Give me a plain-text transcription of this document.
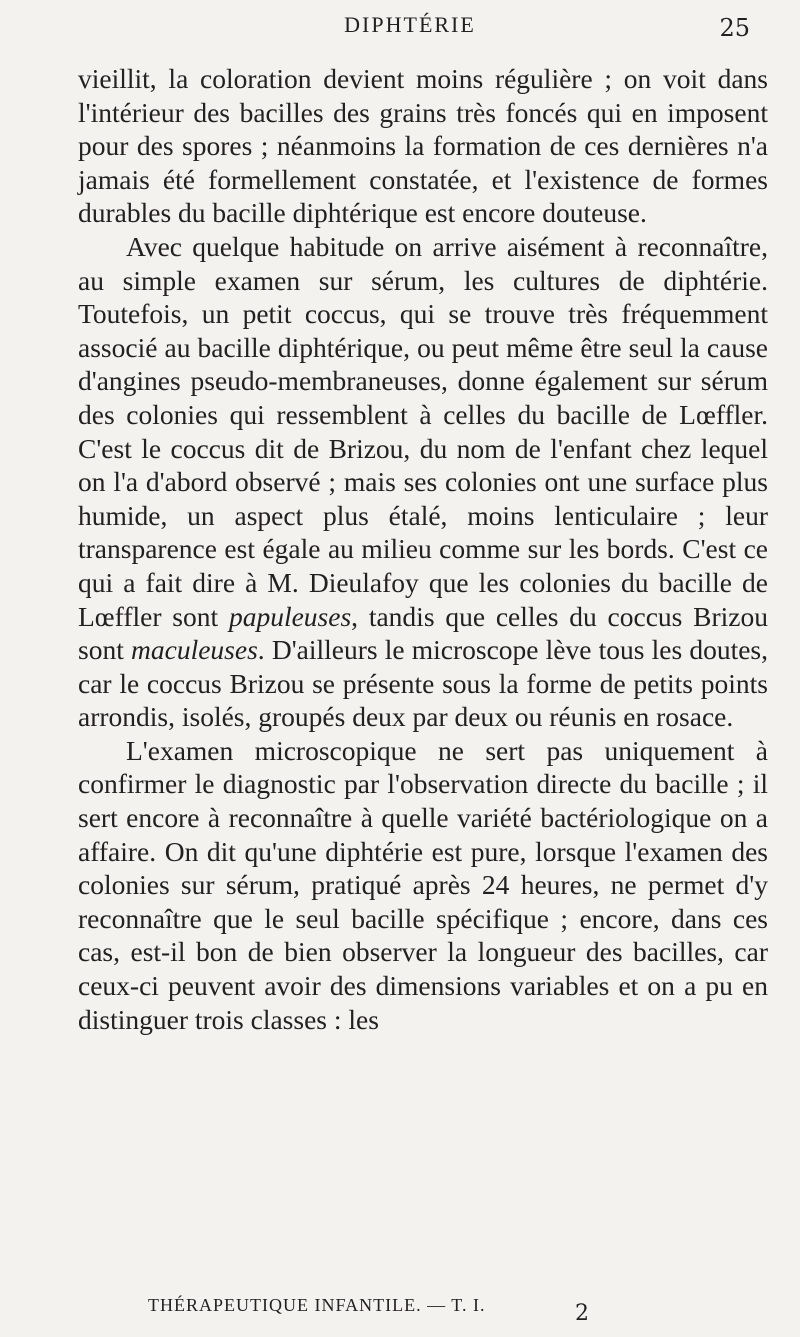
DIPHTÉRIE	25

vieillit, la coloration devient moins régulière ; on voit dans l'intérieur des bacilles des grains très foncés qui en imposent pour des spores ; néanmoins la formation de ces dernières n'a jamais été formellement constatée, et l'existence de formes durables du bacille diphtérique est encore douteuse.

Avec quelque habitude on arrive aisément à reconnaître, au simple examen sur sérum, les cultures de diphtérie. Toutefois, un petit coccus, qui se trouve très fréquemment associé au bacille diphtérique, ou peut même être seul la cause d'angines pseudo-membraneuses, donne également sur sérum des colonies qui ressemblent à celles du bacille de Lœffler. C'est le coccus dit de Brizou, du nom de l'enfant chez lequel on l'a d'abord observé ; mais ses colonies ont une surface plus humide, un aspect plus étalé, moins lenticulaire ; leur transparence est égale au milieu comme sur les bords. C'est ce qui a fait dire à M. Dieulafoy que les colonies du bacille de Lœffler sont papuleuses, tandis que celles du coccus Brizou sont maculeuses. D'ailleurs le microscope lève tous les doutes, car le coccus Brizou se présente sous la forme de petits points arrondis, isolés, groupés deux par deux ou réunis en rosace.

L'examen microscopique ne sert pas uniquement à confirmer le diagnostic par l'observation directe du bacille ; il sert encore à reconnaître à quelle variété bactériologique on a affaire. On dit qu'une diphtérie est pure, lorsque l'examen des colonies sur sérum, pratiqué après 24 heures, ne permet d'y reconnaître que le seul bacille spécifique ; encore, dans ces cas, est-il bon de bien observer la longueur des bacilles, car ceux-ci peuvent avoir des dimensions variables et on a pu en distinguer trois classes : les

THÉRAPEUTIQUE INFANTILE. — T. I.	2
